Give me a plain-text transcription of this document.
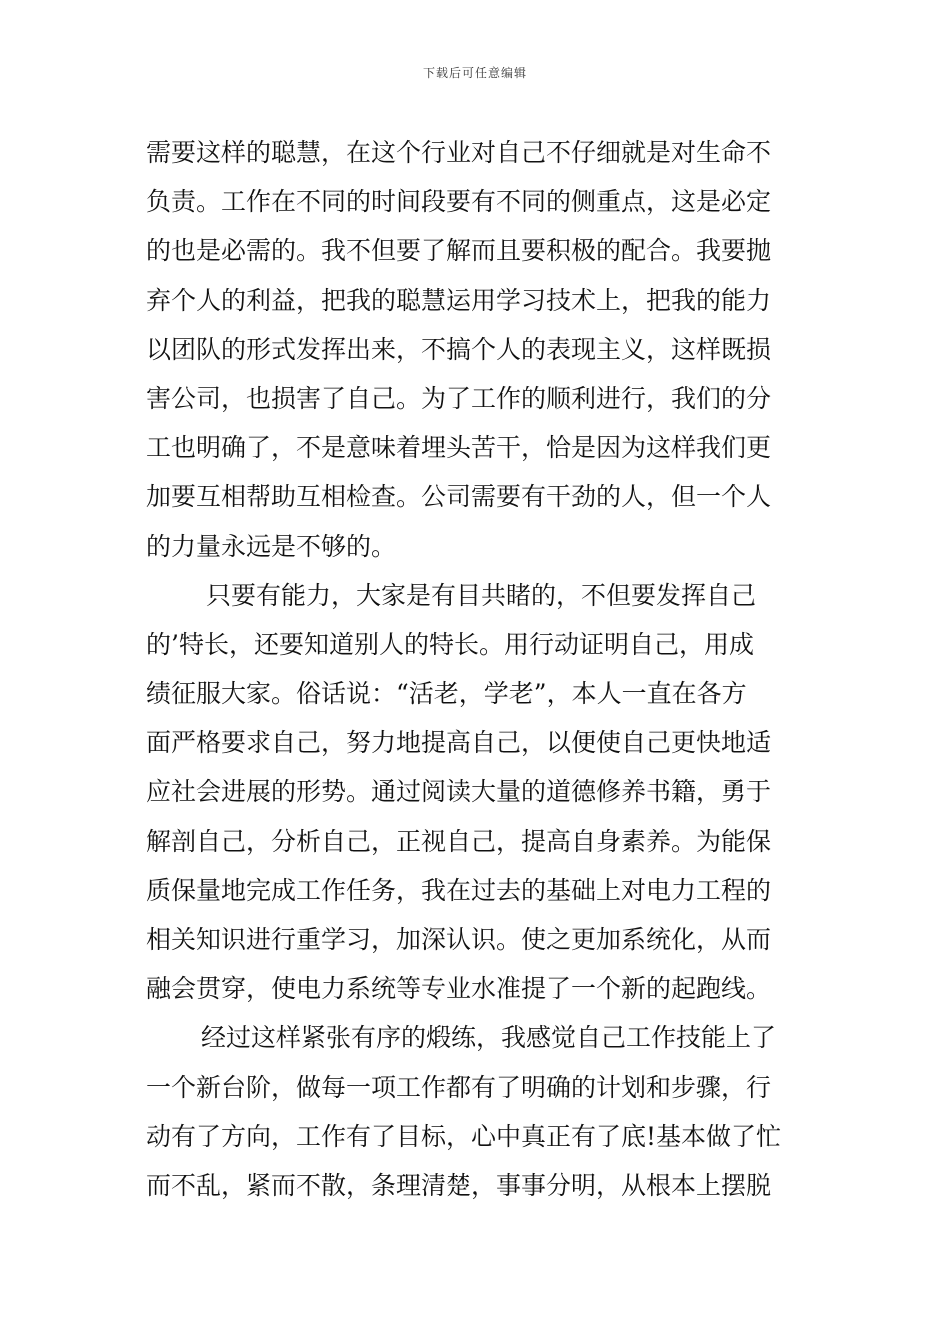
下载后可任意编辑
需要这样的聪慧，在这个行业对自己不仔细就是对生命不
负责。工作在不同的时间段要有不同的侧重点，这是必定
的也是必需的。我不但要了解而且要积极的配合。我要抛
弃个人的利益，把我的聪慧运用学习技术上，把我的能力
以团队的形式发挥出来，不搞个人的表现主义，这样既损
害公司，也损害了自己。为了工作的顺利进行，我们的分
工也明确了，不是意味着埋头苦干，恰是因为这样我们更
加要互相帮助互相检查。公司需要有干劲的人，但一个人
的力量永远是不够的。
只要有能力，大家是有目共睹的，不但要发挥自己
的’特长，还要知道别人的特长。用行动证明自己，用成
绩征服大家。俗话说：“活老，学老”，本人一直在各方
面严格要求自己，努力地提高自己，以便使自己更快地适
应社会进展的形势。通过阅读大量的道德修养书籍，勇于
解剖自己，分析自己，正视自己，提高自身素养。为能保
质保量地完成工作任务，我在过去的基础上对电力工程的
相关知识进行重学习，加深认识。使之更加系统化，从而
融会贯穿，使电力系统等专业水准提了一个新的起跑线。
经过这样紧张有序的煅练，我感觉自己工作技能上了
一个新台阶，做每一项工作都有了明确的计划和步骤，行
动有了方向，工作有了目标，心中真正有了底!基本做了忙
而不乱，紧而不散，条理清楚，事事分明，从根本上摆脱
